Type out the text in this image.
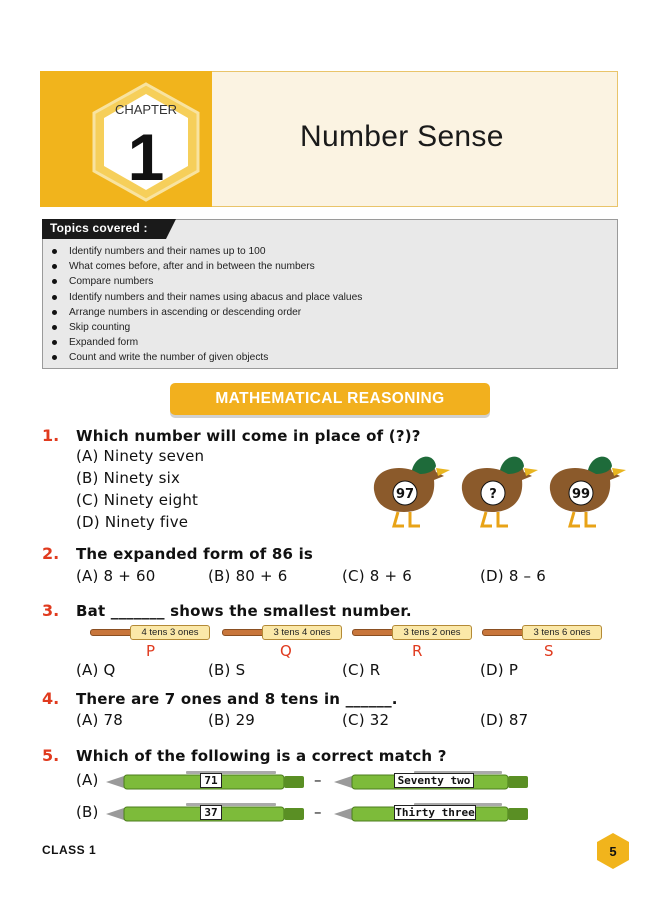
CHAPTER
1	Number Sense
Topics covered :
Identify numbers and their names up to 100
What comes before, after and in between the numbers
Compare numbers
Identify numbers and their names using abacus and place values
Arrange numbers in ascending or descending order
Skip counting
Expanded form
Count and write the number of given objects
MATHEMATICAL REASONING
1. Which number will come in place of (?)?
(A) Ninety seven
(B) Ninety six
(C) Ninety eight
(D) Ninety five
97	?	99
2. The expanded form of 86 is
(A) 8 + 60	(B) 80 + 6	(C) 8 + 6	(D) 8 – 6
3. Bat _______ shows the smallest number.
4 tens 3 ones
P
3 tens 4 ones
Q
3 tens 2 ones
R
3 tens 6 ones
S
(A) Q	(B) S	(C) R	(D) P
4. There are 7 ones and 8 tens in ______.
(A) 78	(B) 29	(C) 32	(D) 87
5. Which of the following is a correct match ?
(A)	71	–	Seventy two
(B)	37	–	Thirty three
CLASS 1	5
